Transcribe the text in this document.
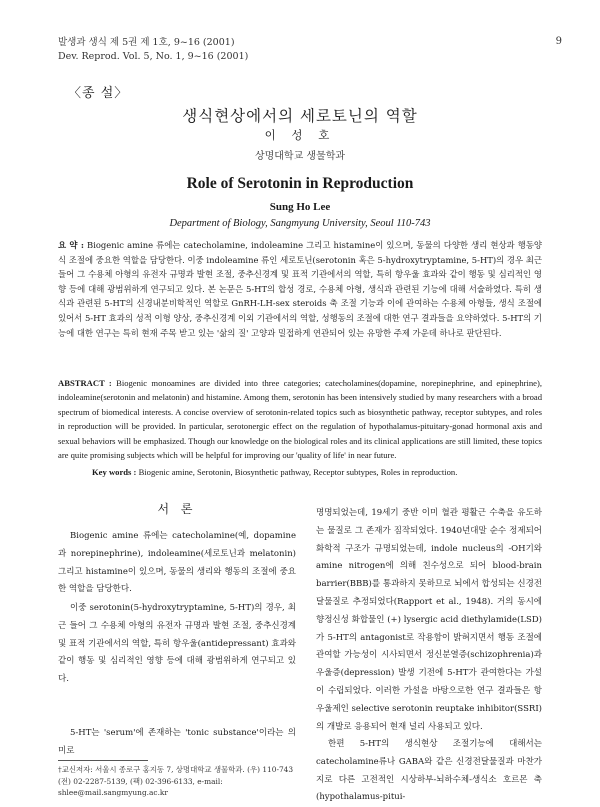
발생과 생식 제 5권 제 1호, 9~16 (2001)
Dev. Reprod. Vol. 5, No. 1, 9~16 (2001)
9
〈종 설〉
생식현상에서의 세로토닌의 역할
이 성 호
상명대학교 생물학과
Role of Serotonin in Reproduction
Sung Ho Lee
Department of Biology, Sangmyung University, Seoul 110-743
요 약 : Biogenic amine 류에는 catecholamine, indoleamine 그리고 histamine이 있으며, 동물의 다양한 생리 현상과 행동양식 조절에 중요한 역할을 담당한다. 이중 indoleamine 류인 세로토닌(serotonin 혹은 5-hydroxytryptamine, 5-HT)의 경우 최근 들어 그 수용체 아형의 유전자 규명과 발현 조절, 중추신경계 및 표적 기관에서의 역할, 특히 항우울 효과와 같이 행동 및 심리적인 영향 등에 대해 광범위하게 연구되고 있다. 본 논문은 5-HT의 합성 경로, 수용체 아형, 생식과 관련된 기능에 대해 서술하였다. 특히 생식과 관련된 5-HT의 신경내분비학적인 역할로 GnRH-LH-sex steroids 축 조절 기능과 이에 관여하는 수용체 아형들, 생식 조절에 있어서 5-HT 효과의 성적 이형 양상, 중추신경계 이외 기관에서의 역할, 성행동의 조절에 대한 연구 결과들을 요약하였다. 5-HT의 기능에 대한 연구는 특히 현재 주목 받고 있는 '삶의 질' 고양과 밀접하게 연관되어 있는 유망한 주제 가운데 하나로 판단된다.
ABSTRACT : Biogenic monoamines are divided into three categories; catecholamines(dopamine, norepinephrine, and epinephrine), indoleamine(serotonin and melatonin) and histamine. Among them, serotonin has been intensively studied by many researchers with a broad spectrum of biomedical interests. A concise overview of serotonin-related topics such as biosynthetic pathway, receptor subtypes, and roles in reproduction will be provided. In particular, serotonergic effect on the regulation of hypothalamus-pituitary-gonad hormonal axis and sexual behaviors will be emphasized. Though our knowledge on the biological roles and its clinical applications are still limited, these topics are quite promising subjects which will be helpful for improving our 'quality of life' in near future.
Key words : Biogenic amine, Serotonin, Biosynthetic pathway, Receptor subtypes, Roles in reproduction.
서 론
Biogenic amine 류에는 catecholamine(예, dopamine과 norepinephrine), indoleamine(세로토닌과 melatonin) 그리고 histamine이 있으며, 동물의 생리와 행동의 조절에 중요한 역할을 담당한다.
이중 serotonin(5-hydroxytryptamine, 5-HT)의 경우, 최근 들어 그 수용체 아형의 유전자 규명과 발현 조절, 중추신경계 및 표적 기관에서의 역할, 특히 항우울(antidepressant) 효과와 같이 행동 및 심리적인 영향 등에 대해 광범위하게 연구되고 있다.
5-HT는 'serum'에 존재하는 'tonic substance'이라는 의미로
명명되었는데, 19세기 중반 이미 혈관 평활근 수축을 유도하는 물질로 그 존재가 짐작되었다. 1940년대말 순수 정제되어 화학적 구조가 규명되었는데, indole nucleus의 -OH기와 amine nitrogen에 의해 친수성으로 되어 blood-brain barrier(BBB)를 통과하지 못하므로 뇌에서 합성되는 신경전달물질로 추정되었다(Rapport et al., 1948). 거의 동시에 향정신성 화합물인 (+) lysergic acid diethylamide(LSD)가 5-HT의 antagonist로 작용함이 밝혀지면서 행동 조절에 관여할 가능성이 시사되면서 정신분열증(schizophrenia)과 우울증(depression) 발생 기전에 5-HT가 관여한다는 가설이 수립되었다. 이러한 가설을 바탕으로한 연구 결과들은 항우울제인 selective serotonin reuptake inhibitor(SSRI)의 개발로 응용되어 현재 널리 사용되고 있다.
한편 5-HT의 생식현상 조절기능에 대해서는 catecholamine류나 GABA와 같은 신경전달물질과 마찬가지로 다른 고전적인 시상하부-뇌하수체-생식소 호르몬 축(hypothalamus-pitui-
†교신저자: 서울시 종로구 홍지동 7, 상명대학교 생물학과. (우) 110-743
(전) 02-2287-5139, (팩) 02-396-6133, e-mail: shlee@mail.sangmyung.ac.kr
